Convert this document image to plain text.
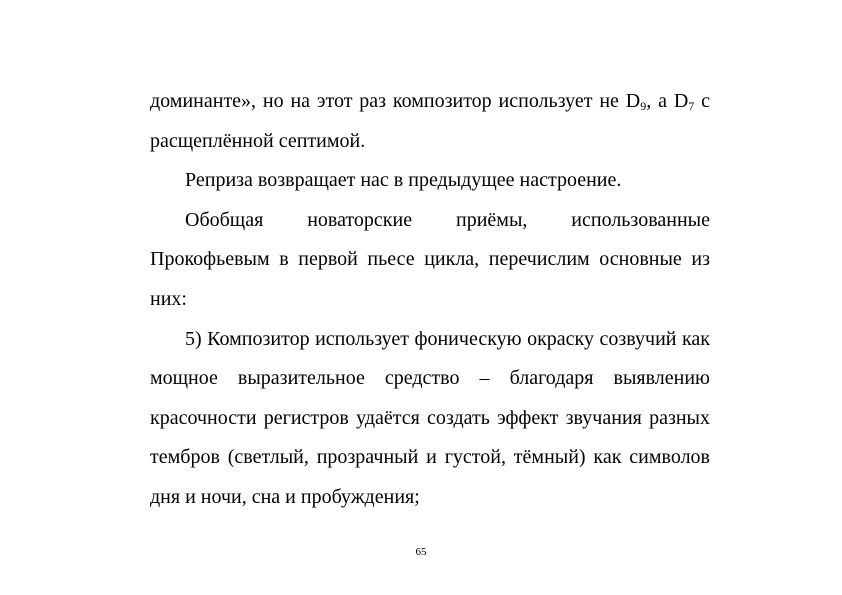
доминанте», но на этот раз композитор использует не $D_9$, а $D_7$ с расщеплённой септимой.

Реприза возвращает нас в предыдущее настроение.

Обобщая новаторские приёмы, использованные Прокофьевым в первой пьесе цикла, перечислим основные из них:

5) Композитор использует фоническую окраску созвучий как мощное выразительное средство – благодаря выявлению красочности регистров удаётся создать эффект звучания разных тембров (светлый, прозрачный и густой, тёмный) как символов дня и ночи, сна и пробуждения;

65
